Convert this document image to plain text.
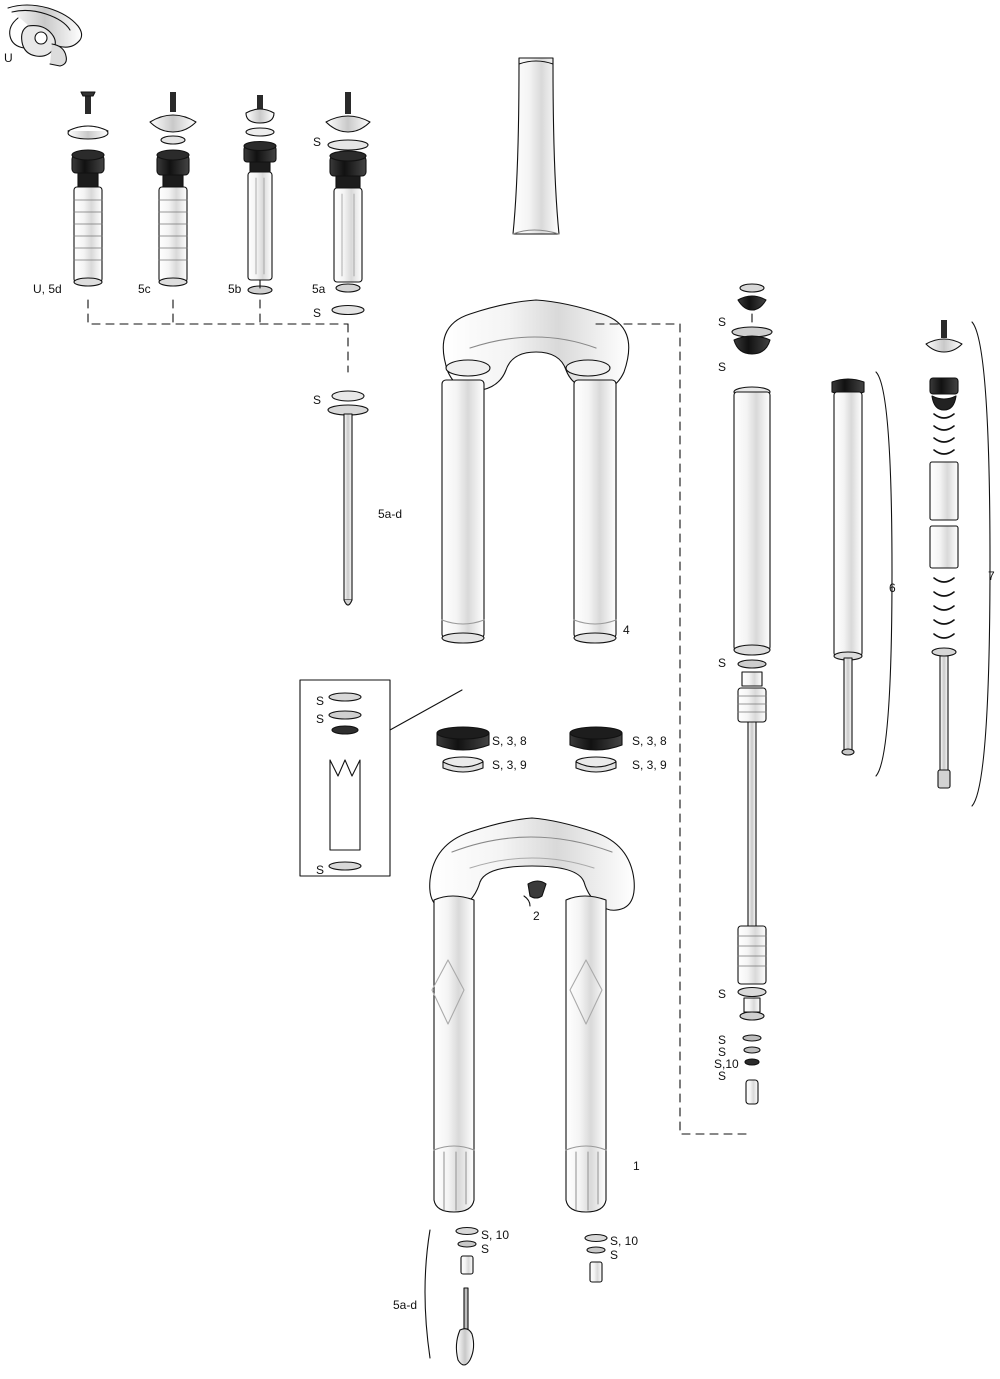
U
U, 5d	5c	5b	5a
S
S
S
5a-d
4
S
S
S
S
S
S
S,10
S
6
7
S
S
S
S, 3, 8
S, 3, 9
S, 3, 8
S, 3, 9
2
1
S, 10
S
S, 10
S
5a-d
